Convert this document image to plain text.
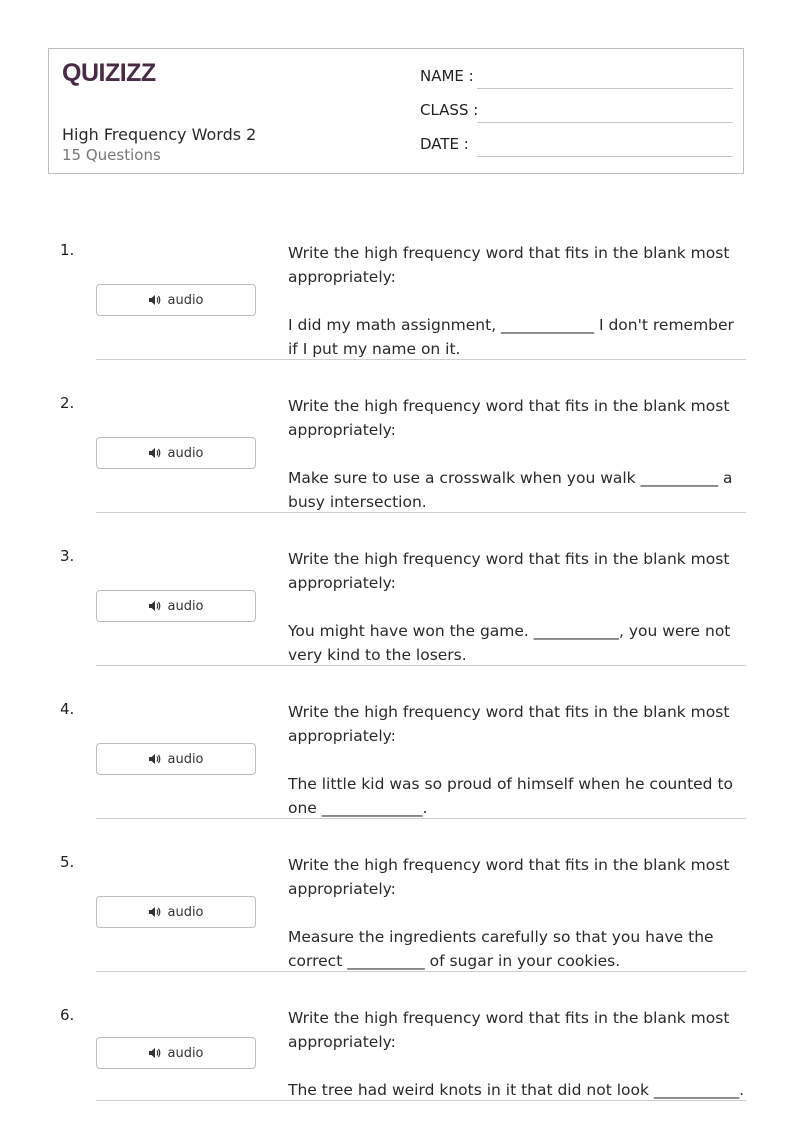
QUIZIZZ
High Frequency Words 2
15 Questions
NAME :
CLASS :
DATE :
1.
audio

Write the high frequency word that fits in the blank most appropriately:

I did my math assignment, ____________ I don't remember if I put my name on it.

2.
audio

Write the high frequency word that fits in the blank most appropriately:

Make sure to use a crosswalk when you walk __________ a busy intersection.

3.
audio

Write the high frequency word that fits in the blank most appropriately:

You might have won the game. ___________, you were not very kind to the losers.

4.
audio

Write the high frequency word that fits in the blank most appropriately:

The little kid was so proud of himself when he counted to one _____________.

5.
audio

Write the high frequency word that fits in the blank most appropriately:

Measure the ingredients carefully so that you have the correct __________ of sugar in your cookies.

6.
audio

Write the high frequency word that fits in the blank most appropriately:

The tree had weird knots in it that did not look ___________.
